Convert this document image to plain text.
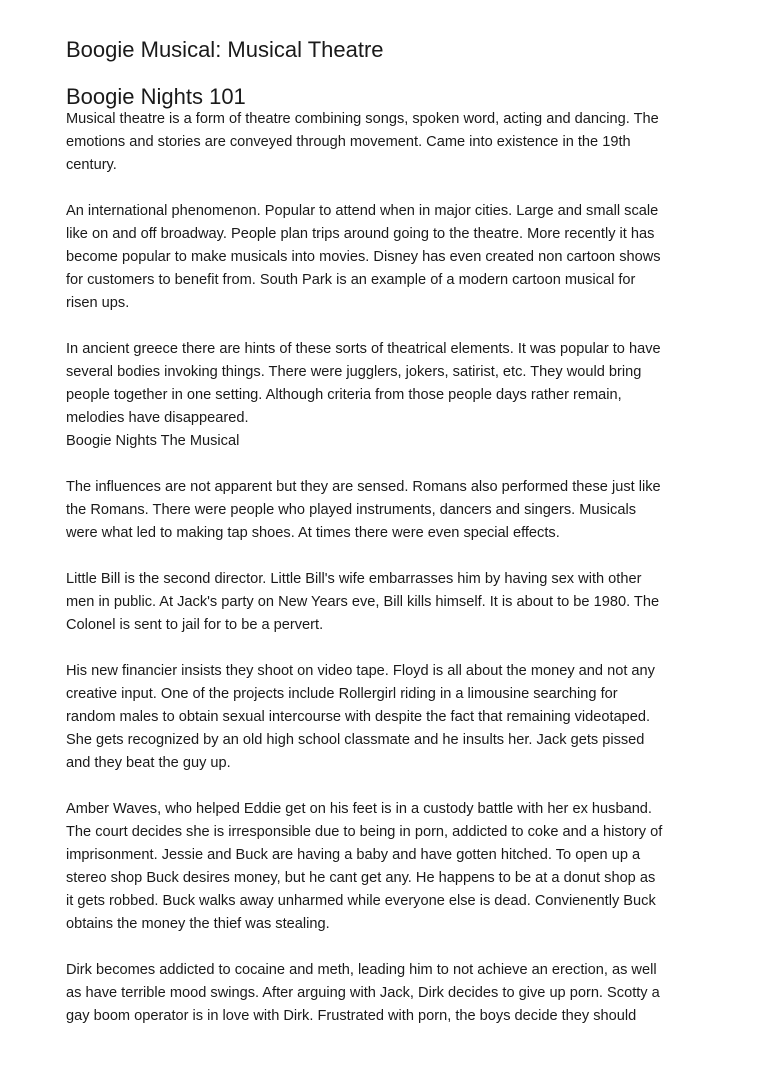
Boogie Musical: Musical Theatre
Boogie Nights 101

Musical theatre is a form of theatre combining songs, spoken word, acting and dancing. The
emotions and stories are conveyed through movement. Came into existence in the 19th
century.

An international phenomenon. Popular to attend when in major cities. Large and small scale
like on and off broadway. People plan trips around going to the theatre. More recently it has
become popular to make musicals into movies. Disney has even created non cartoon shows
for customers to benefit from. South Park is an example of a modern cartoon musical for
risen ups.

In ancient greece there are hints of these sorts of theatrical elements. It was popular to have
several bodies invoking things. There were jugglers, jokers, satirist, etc. They would bring
people together in one setting. Although criteria from those people days rather remain,
melodies have disappeared.

Boogie Nights The Musical

The influences are not apparent but they are sensed. Romans also performed these just like
the Romans. There were people who played instruments, dancers and singers. Musicals
were what led to making tap shoes. At times there were even special effects.

Little Bill is the second director. Little Bill's wife embarrasses him by having sex with other
men in public. At Jack's party on New Years eve, Bill kills himself. It is about to be 1980. The
Colonel is sent to jail for to be a pervert.

His new financier insists they shoot on video tape. Floyd is all about the money and not any
creative input. One of the projects include Rollergirl riding in a limousine searching for
random males to obtain sexual intercourse with despite the fact that remaining videotaped.
She gets recognized by an old high school classmate and he insults her. Jack gets pissed
and they beat the guy up.

Amber Waves, who helped Eddie get on his feet is in a custody battle with her ex husband.
The court decides she is irresponsible due to being in porn, addicted to coke and a history of
imprisonment. Jessie and Buck are having a baby and have gotten hitched. To open up a
stereo shop Buck desires money, but he cant get any. He happens to be at a donut shop as
it gets robbed. Buck walks away unharmed while everyone else is dead. Convienently Buck
obtains the money the thief was stealing.

Dirk becomes addicted to cocaine and meth, leading him to not achieve an erection, as well
as have terrible mood swings. After arguing with Jack, Dirk decides to give up porn. Scotty a
gay boom operator is in love with Dirk. Frustrated with porn, the boys decide they should
